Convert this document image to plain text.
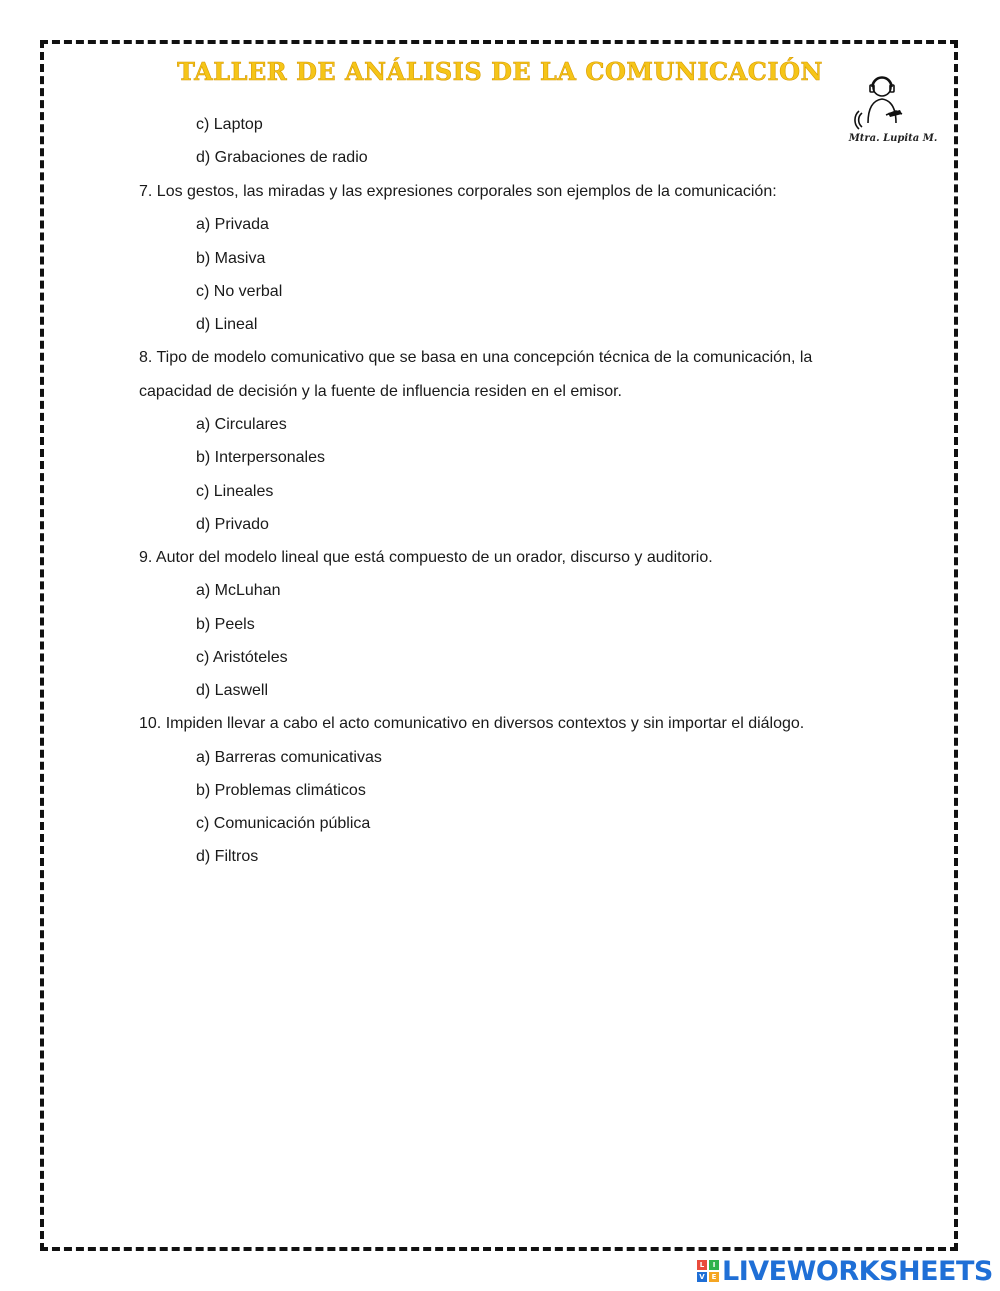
TALLER DE ANÁLISIS DE LA COMUNICACIÓN
Mtra. Lupita M.
c) Laptop
d) Grabaciones de radio
7. Los gestos, las miradas y las expresiones corporales son ejemplos de la comunicación:
a) Privada
b) Masiva
c) No verbal
d) Lineal
8. Tipo de modelo comunicativo que se basa en una concepción técnica de la comunicación, la
capacidad de decisión y la fuente de influencia residen en el emisor.
a) Circulares
b) Interpersonales
c) Lineales
d) Privado
9. Autor del modelo lineal que está compuesto de un orador, discurso y auditorio.
a) McLuhan
b) Peels
c) Aristóteles
d) Laswell
10. Impiden llevar a cabo el acto comunicativo en diversos contextos y sin importar el diálogo.
a) Barreras comunicativas
b) Problemas climáticos
c) Comunicación pública
d) Filtros
L	I
V E LIVEWORKSHEETS
